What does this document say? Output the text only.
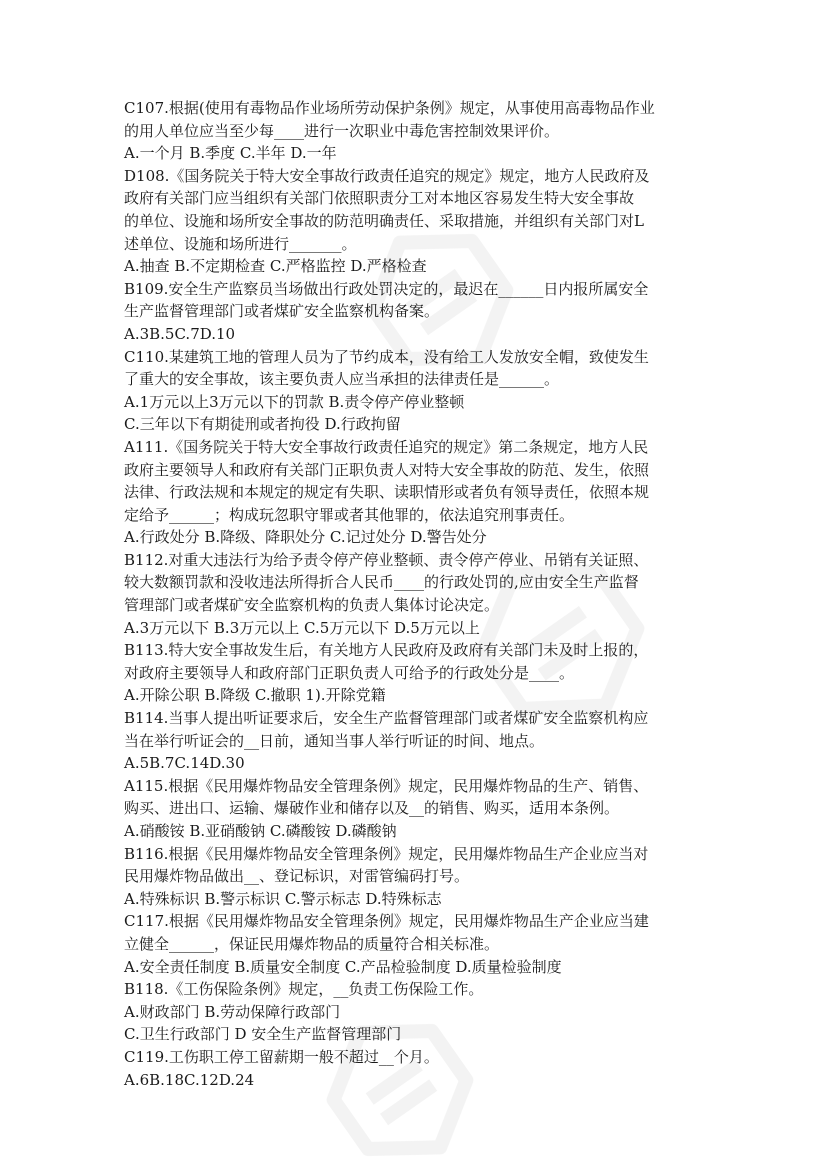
C107.根据(使用有毒物品作业场所劳动保护条例》规定，从事使用高毒物品作业
的用人单位应当至少每____进行一次职业中毒危害控制效果评价。
A.一个月 B.季度 C.半年 D.一年
D108.《国务院关于特大安全事故行政责任追究的规定》规定，地方人民政府及
政府有关部门应当组织有关部门依照职责分工对本地区容易发生特大安全事故
的单位、设施和场所安全事故的防范明确责任、采取措施，并组织有关部门对L
述单位、设施和场所进行_______。
A.抽查 B.不定期检查 C.严格监控 D.严格检查
B109.安全生产监察员当场做出行政处罚决定的，最迟在______日内报所属安全
生产监督管理部门或者煤矿安全监察机构备案。
A.3B.5C.7D.10
C110.某建筑工地的管理人员为了节约成本，没有给工人发放安全帽，致使发生
了重大的安全事故，该主要负责人应当承担的法律责任是______。
A.1万元以上3万元以下的罚款 B.责令停产停业整顿
C.三年以下有期徒刑或者拘役 D.行政拘留
A111.《国务院关于特大安全事故行政责任追究的规定》第二条规定，地方人民
政府主要领导人和政府有关部门正职负责人对特大安全事故的防范、发生，依照
法律、行政法规和本规定的规定有失职、读职情形或者负有领导责任，依照本规
定给予______；构成玩忽职守罪或者其他罪的，依法追究刑事责任。
A.行政处分 B.降级、降职处分 C.记过处分 D.警告处分
B112.对重大违法行为给予责令停产停业整顿、责令停产停业、吊销有关证照、
较大数额罚款和没收违法所得折合人民币____的行政处罚的,应由安全生产监督
管理部门或者煤矿安全监察机构的负责人集体讨论决定。
A.3万元以下 B.3万元以上 C.5万元以下 D.5万元以上
B113.特大安全事故发生后，有关地方人民政府及政府有关部门未及时上报的，
对政府主要领导人和政府部门正职负责人可给予的行政处分是____。
A.开除公职 B.降级 C.撤职 1).开除党籍
B114.当事人提出听证要求后，安全生产监督管理部门或者煤矿安全监察机构应
当在举行听证会的__日前，通知当事人举行听证的时间、地点。
A.5B.7C.14D.30
A115.根据《民用爆炸物品安全管理条例》规定，民用爆炸物品的生产、销售、
购买、进出口、运输、爆破作业和储存以及__的销售、购买，适用本条例。
A.硝酸铵 B.亚硝酸钠 C.磷酸铵 D.磷酸钠
B116.根据《民用爆炸物品安全管理条例》规定，民用爆炸物品生产企业应当对
民用爆炸物品做出__、登记标识，对雷管编码打号。
A.特殊标识 B.警示标识 C.警示标志 D.特殊标志
C117.根据《民用爆炸物品安全管理条例》规定，民用爆炸物品生产企业应当建
立健全______，保证民用爆炸物品的质量符合相关标准。
A.安全责任制度 B.质量安全制度 C.产品检验制度 D.质量检验制度
B118.《工伤保险条例》规定，__负责工伤保险工作。
A.财政部门 B.劳动保障行政部门
C.卫生行政部门 D 安全生产监督管理部门
C119.工伤职工停工留薪期一般不超过__个月。
A.6B.18C.12D.24
